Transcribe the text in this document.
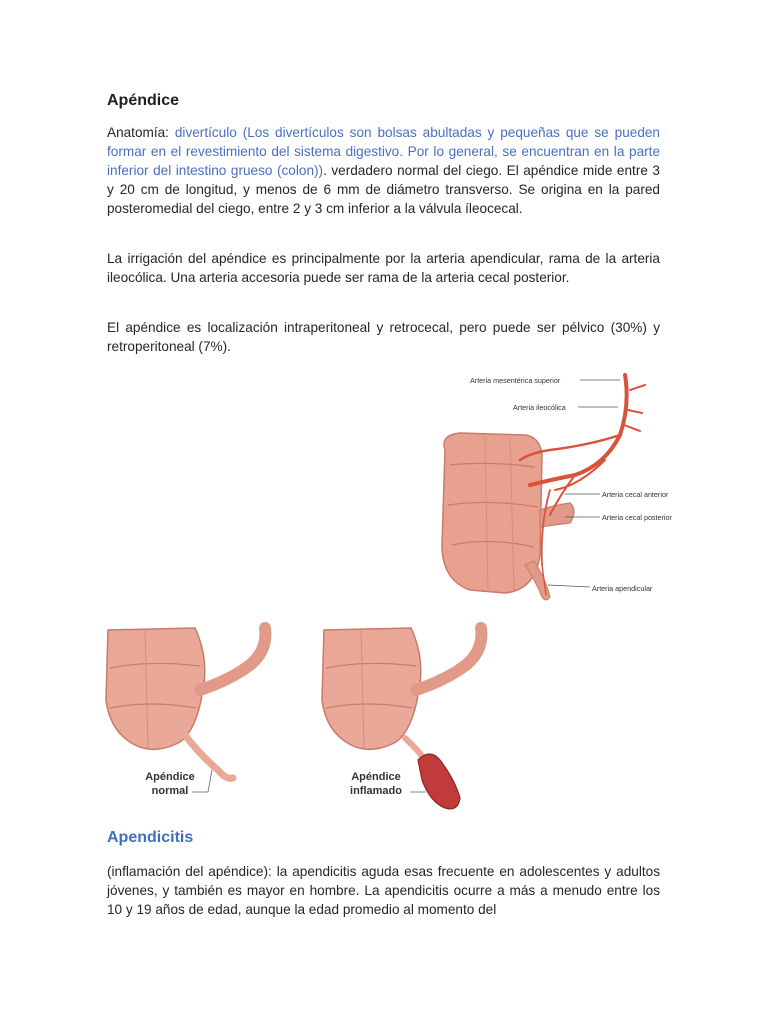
Apéndice

Anatomía: divertículo (Los divertículos son bolsas abultadas y pequeñas que se pueden formar en el revestimiento del sistema digestivo. Por lo general, se encuentran en la parte inferior del intestino grueso (colon)). verdadero normal del ciego. El apéndice mide entre 3 y 20 cm de longitud, y menos de 6 mm de diámetro transverso. Se origina en la pared posteromedial del ciego, entre 2 y 3 cm inferior a la válvula íleocecal.

La irrigación del apéndice es principalmente por la arteria apendicular, rama de la arteria ileocólica. Una arteria accesoria puede ser rama de la arteria cecal posterior.

El apéndice es localización intraperitoneal y retrocecal, pero puede ser pélvico (30%) y retroperitoneal (7%).

Arteria mesentérica superior
Arteria ileocólica
Arteria cecal anterior
Arteria cecal posterior
Arteria apendicular
Apéndice
normal
Apéndice
inflamado
Apendicitis

(inflamación del apéndice): la apendicitis aguda esas frecuente en adolescentes y adultos jóvenes, y también es mayor en hombre. La apendicitis ocurre a más a menudo entre los 10 y 19 años de edad, aunque la edad promedio al momento del
